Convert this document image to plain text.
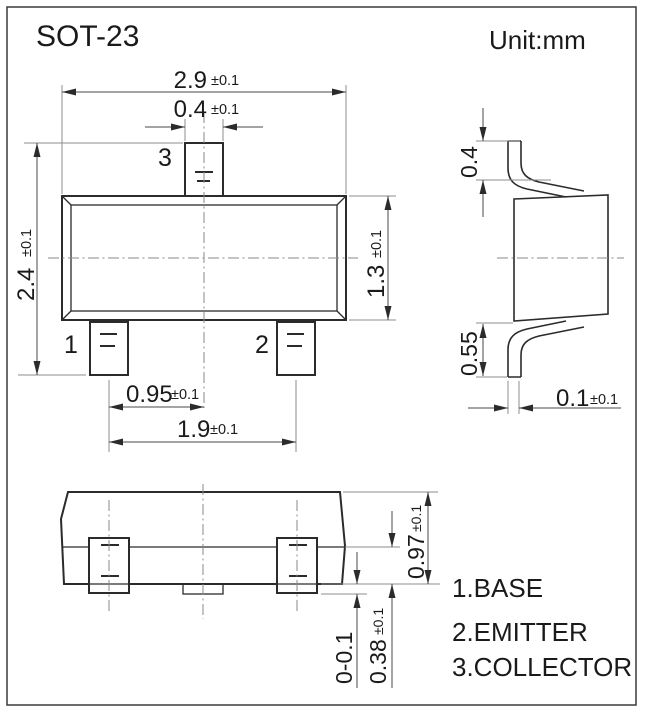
SOT-23	Unit:mm
3
1	2
2.9 ±0.1
0.4 ±0.1
2.4
±0.1
1.3
±0.1
0.95
±0.1
1.9 ±0.1
0.4
0.55
0.1 ±0.1
0.97
±0.1
0.38
±0.1
0-0.1
1.BASE
2.EMITTER
3.COLLECTOR
